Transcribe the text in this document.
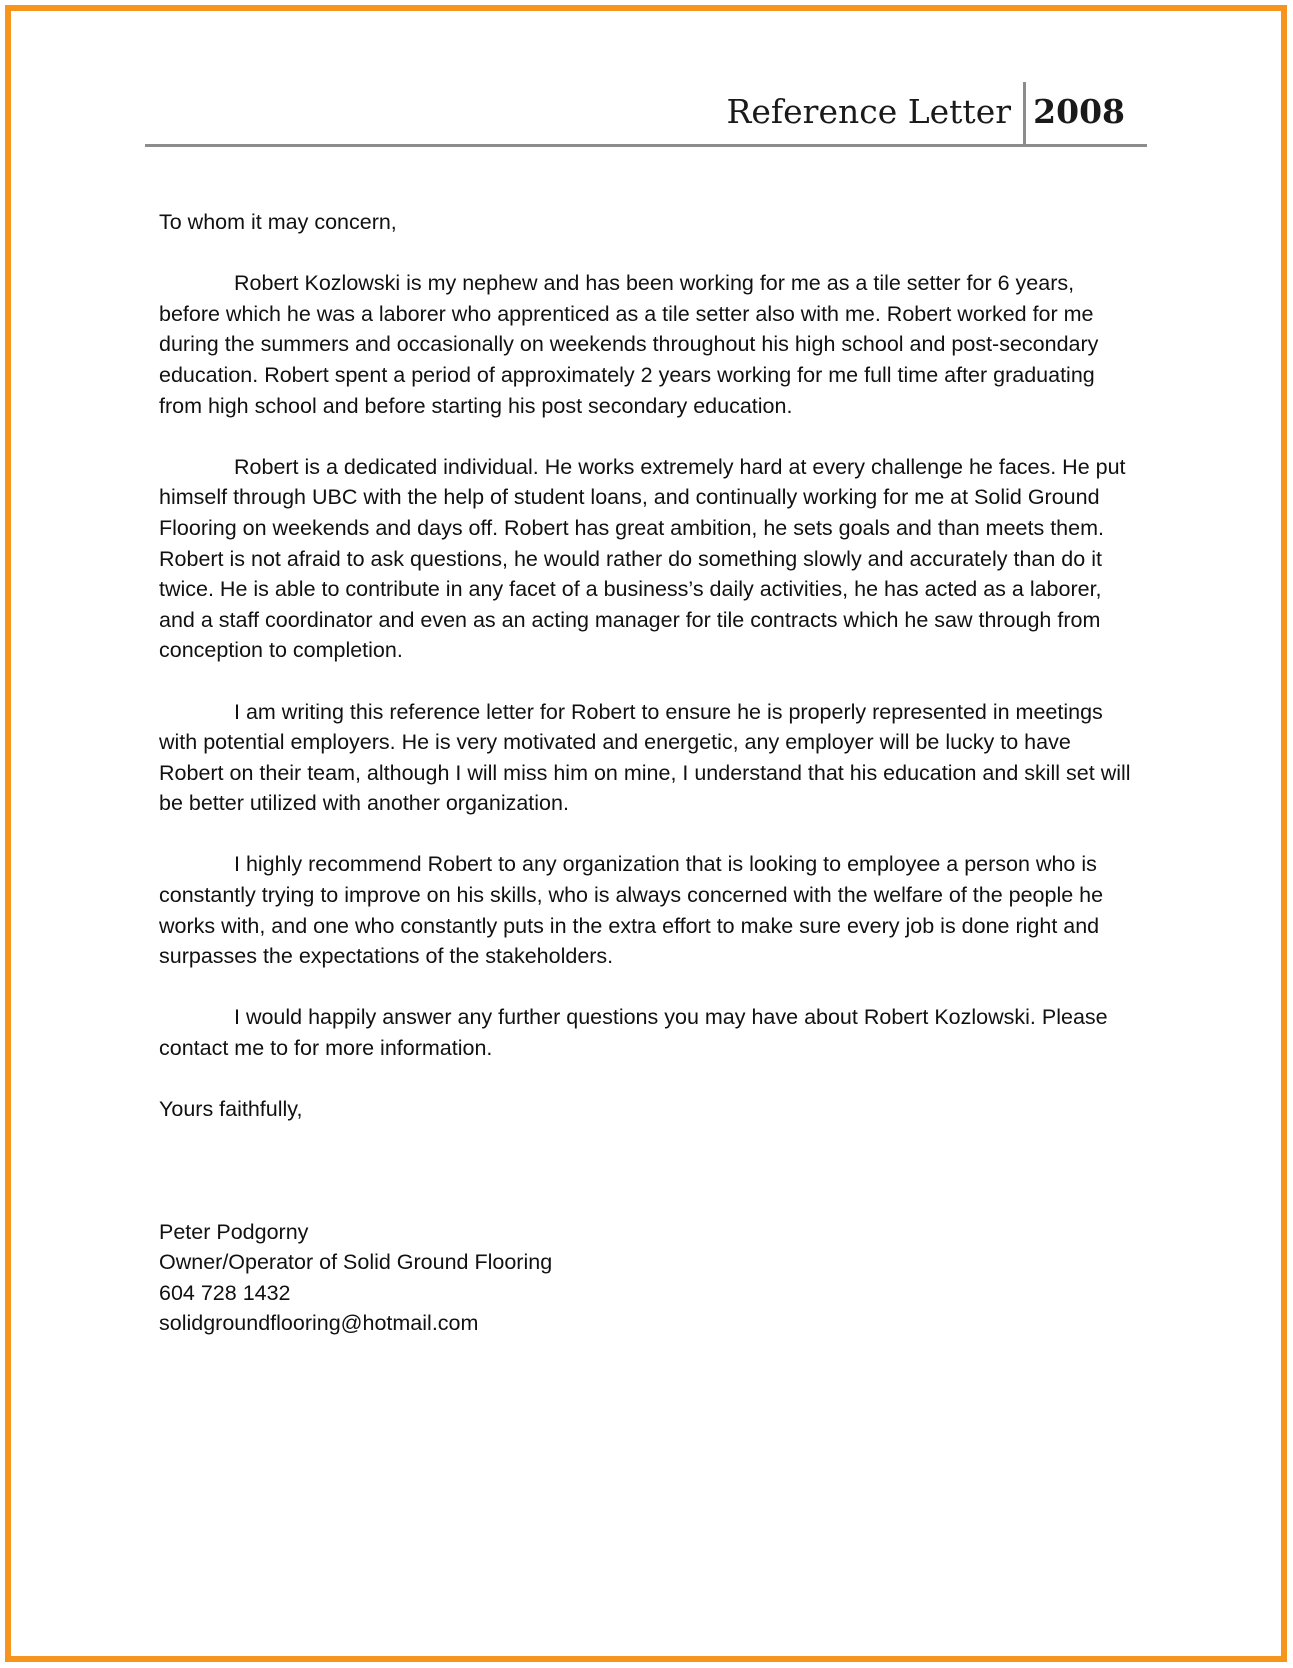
Reference Letter 2008

To whom it may concern,

Robert Kozlowski is my nephew and has been working for me as a tile setter for 6 years, before which he was a laborer who apprenticed as a tile setter also with me. Robert worked for me during the summers and occasionally on weekends throughout his high school and post-secondary education. Robert spent a period of approximately 2 years working for me full time after graduating from high school and before starting his post secondary education.

Robert is a dedicated individual. He works extremely hard at every challenge he faces. He put himself through UBC with the help of student loans, and continually working for me at Solid Ground Flooring on weekends and days off. Robert has great ambition, he sets goals and than meets them. Robert is not afraid to ask questions, he would rather do something slowly and accurately than do it twice. He is able to contribute in any facet of a business’s daily activities, he has acted as a laborer, and a staff coordinator and even as an acting manager for tile contracts which he saw through from conception to completion.

I am writing this reference letter for Robert to ensure he is properly represented in meetings with potential employers. He is very motivated and energetic, any employer will be lucky to have Robert on their team, although I will miss him on mine, I understand that his education and skill set will be better utilized with another organization.

I highly recommend Robert to any organization that is looking to employee a person who is constantly trying to improve on his skills, who is always concerned with the welfare of the people he works with, and one who constantly puts in the extra effort to make sure every job is done right and surpasses the expectations of the stakeholders.

I would happily answer any further questions you may have about Robert Kozlowski. Please contact me to for more information.

Yours faithfully,

Peter Podgorny
Owner/Operator of Solid Ground Flooring
604 728 1432
solidgroundflooring@hotmail.com
